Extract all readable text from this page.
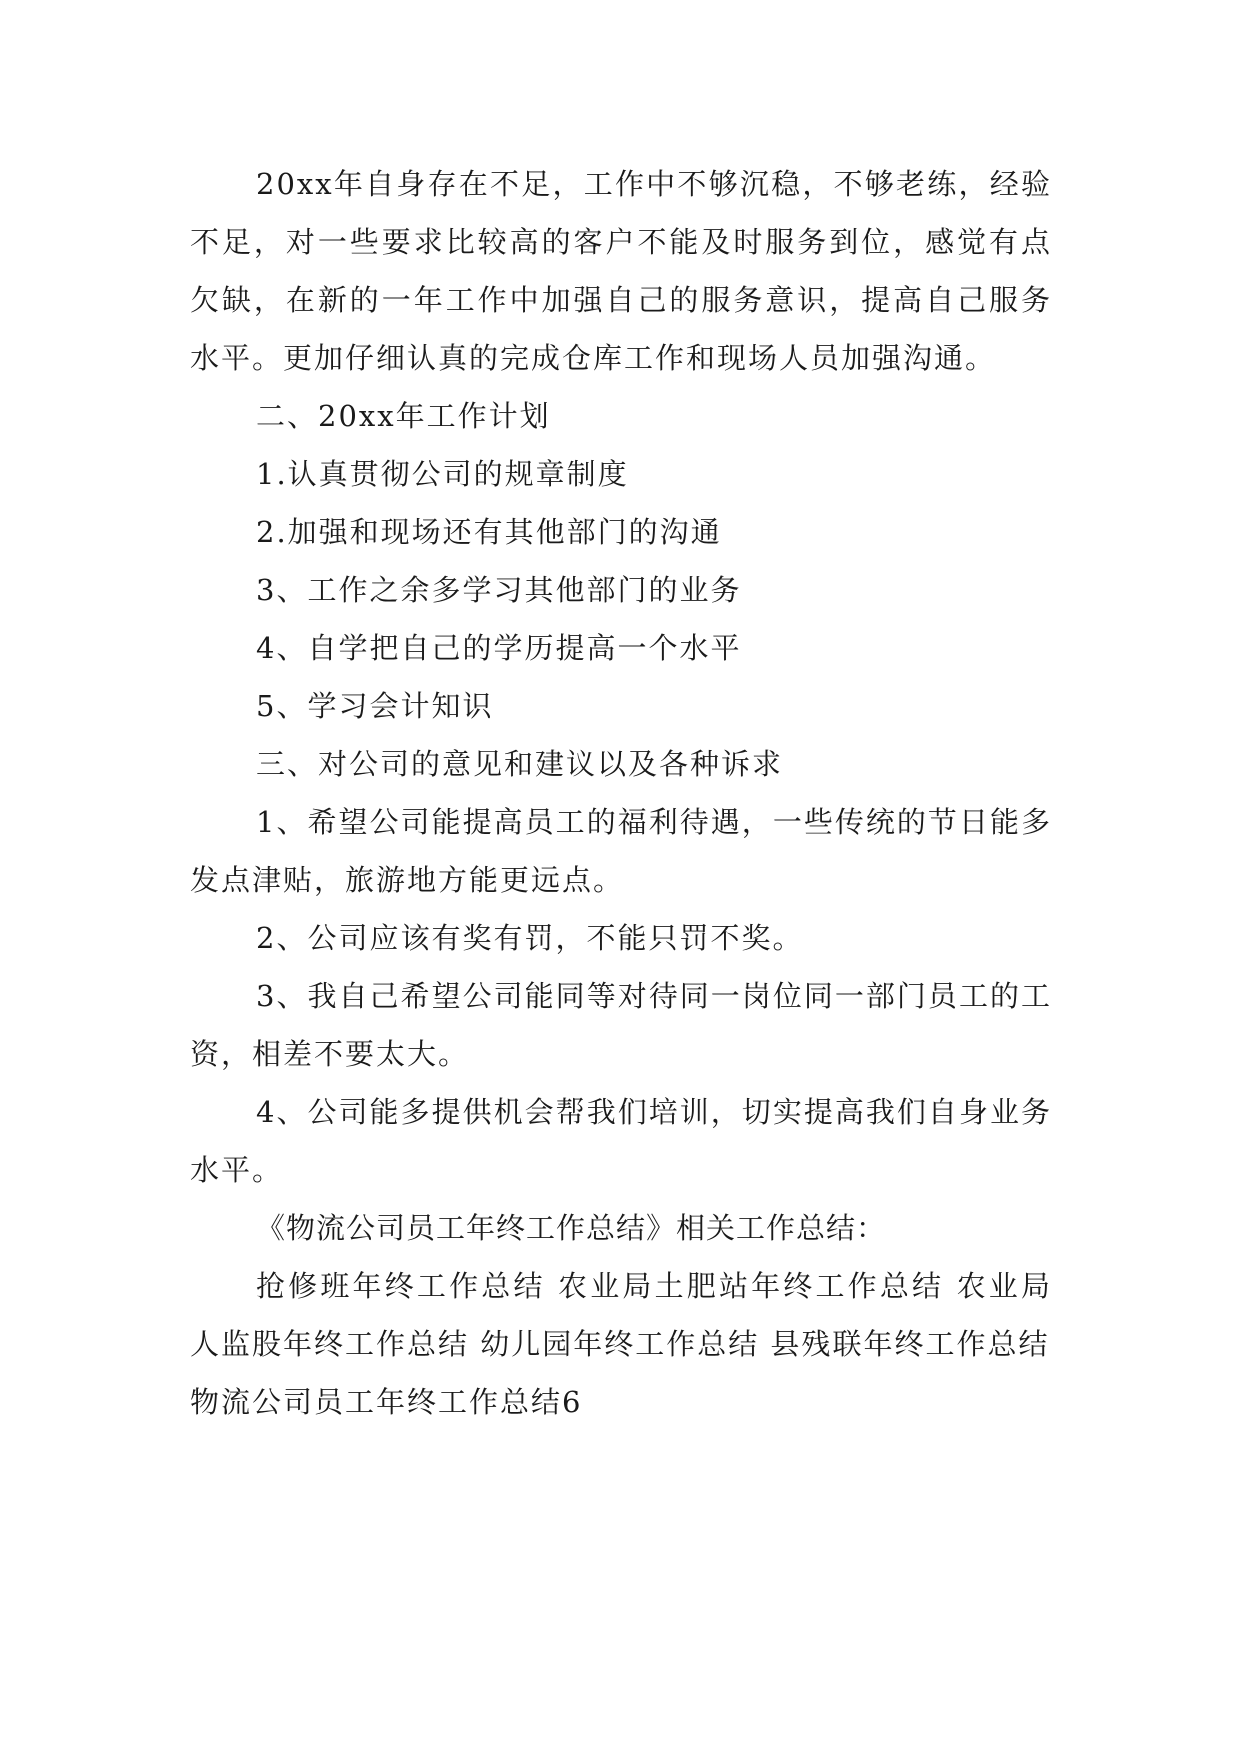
20xx年自身存在不足，工作中不够沉稳，不够老练，经验不足，对一些要求比较高的客户不能及时服务到位，感觉有点欠缺，在新的一年工作中加强自己的服务意识，提高自己服务水平。更加仔细认真的完成仓库工作和现场人员加强沟通。

二、20xx年工作计划

1.认真贯彻公司的规章制度

2.加强和现场还有其他部门的沟通

3、工作之余多学习其他部门的业务

4、自学把自己的学历提高一个水平

5、学习会计知识

三、对公司的意见和建议以及各种诉求

1、希望公司能提高员工的福利待遇，一些传统的节日能多发点津贴，旅游地方能更远点。

2、公司应该有奖有罚，不能只罚不奖。

3、我自己希望公司能同等对待同一岗位同一部门员工的工资，相差不要太大。

4、公司能多提供机会帮我们培训，切实提高我们自身业务水平。

《物流公司员工年终工作总结》相关工作总结：

抢修班年终工作总结 农业局土肥站年终工作总结 农业局人监股年终工作总结 幼儿园年终工作总结 县残联年终工作总结

物流公司员工年终工作总结6
